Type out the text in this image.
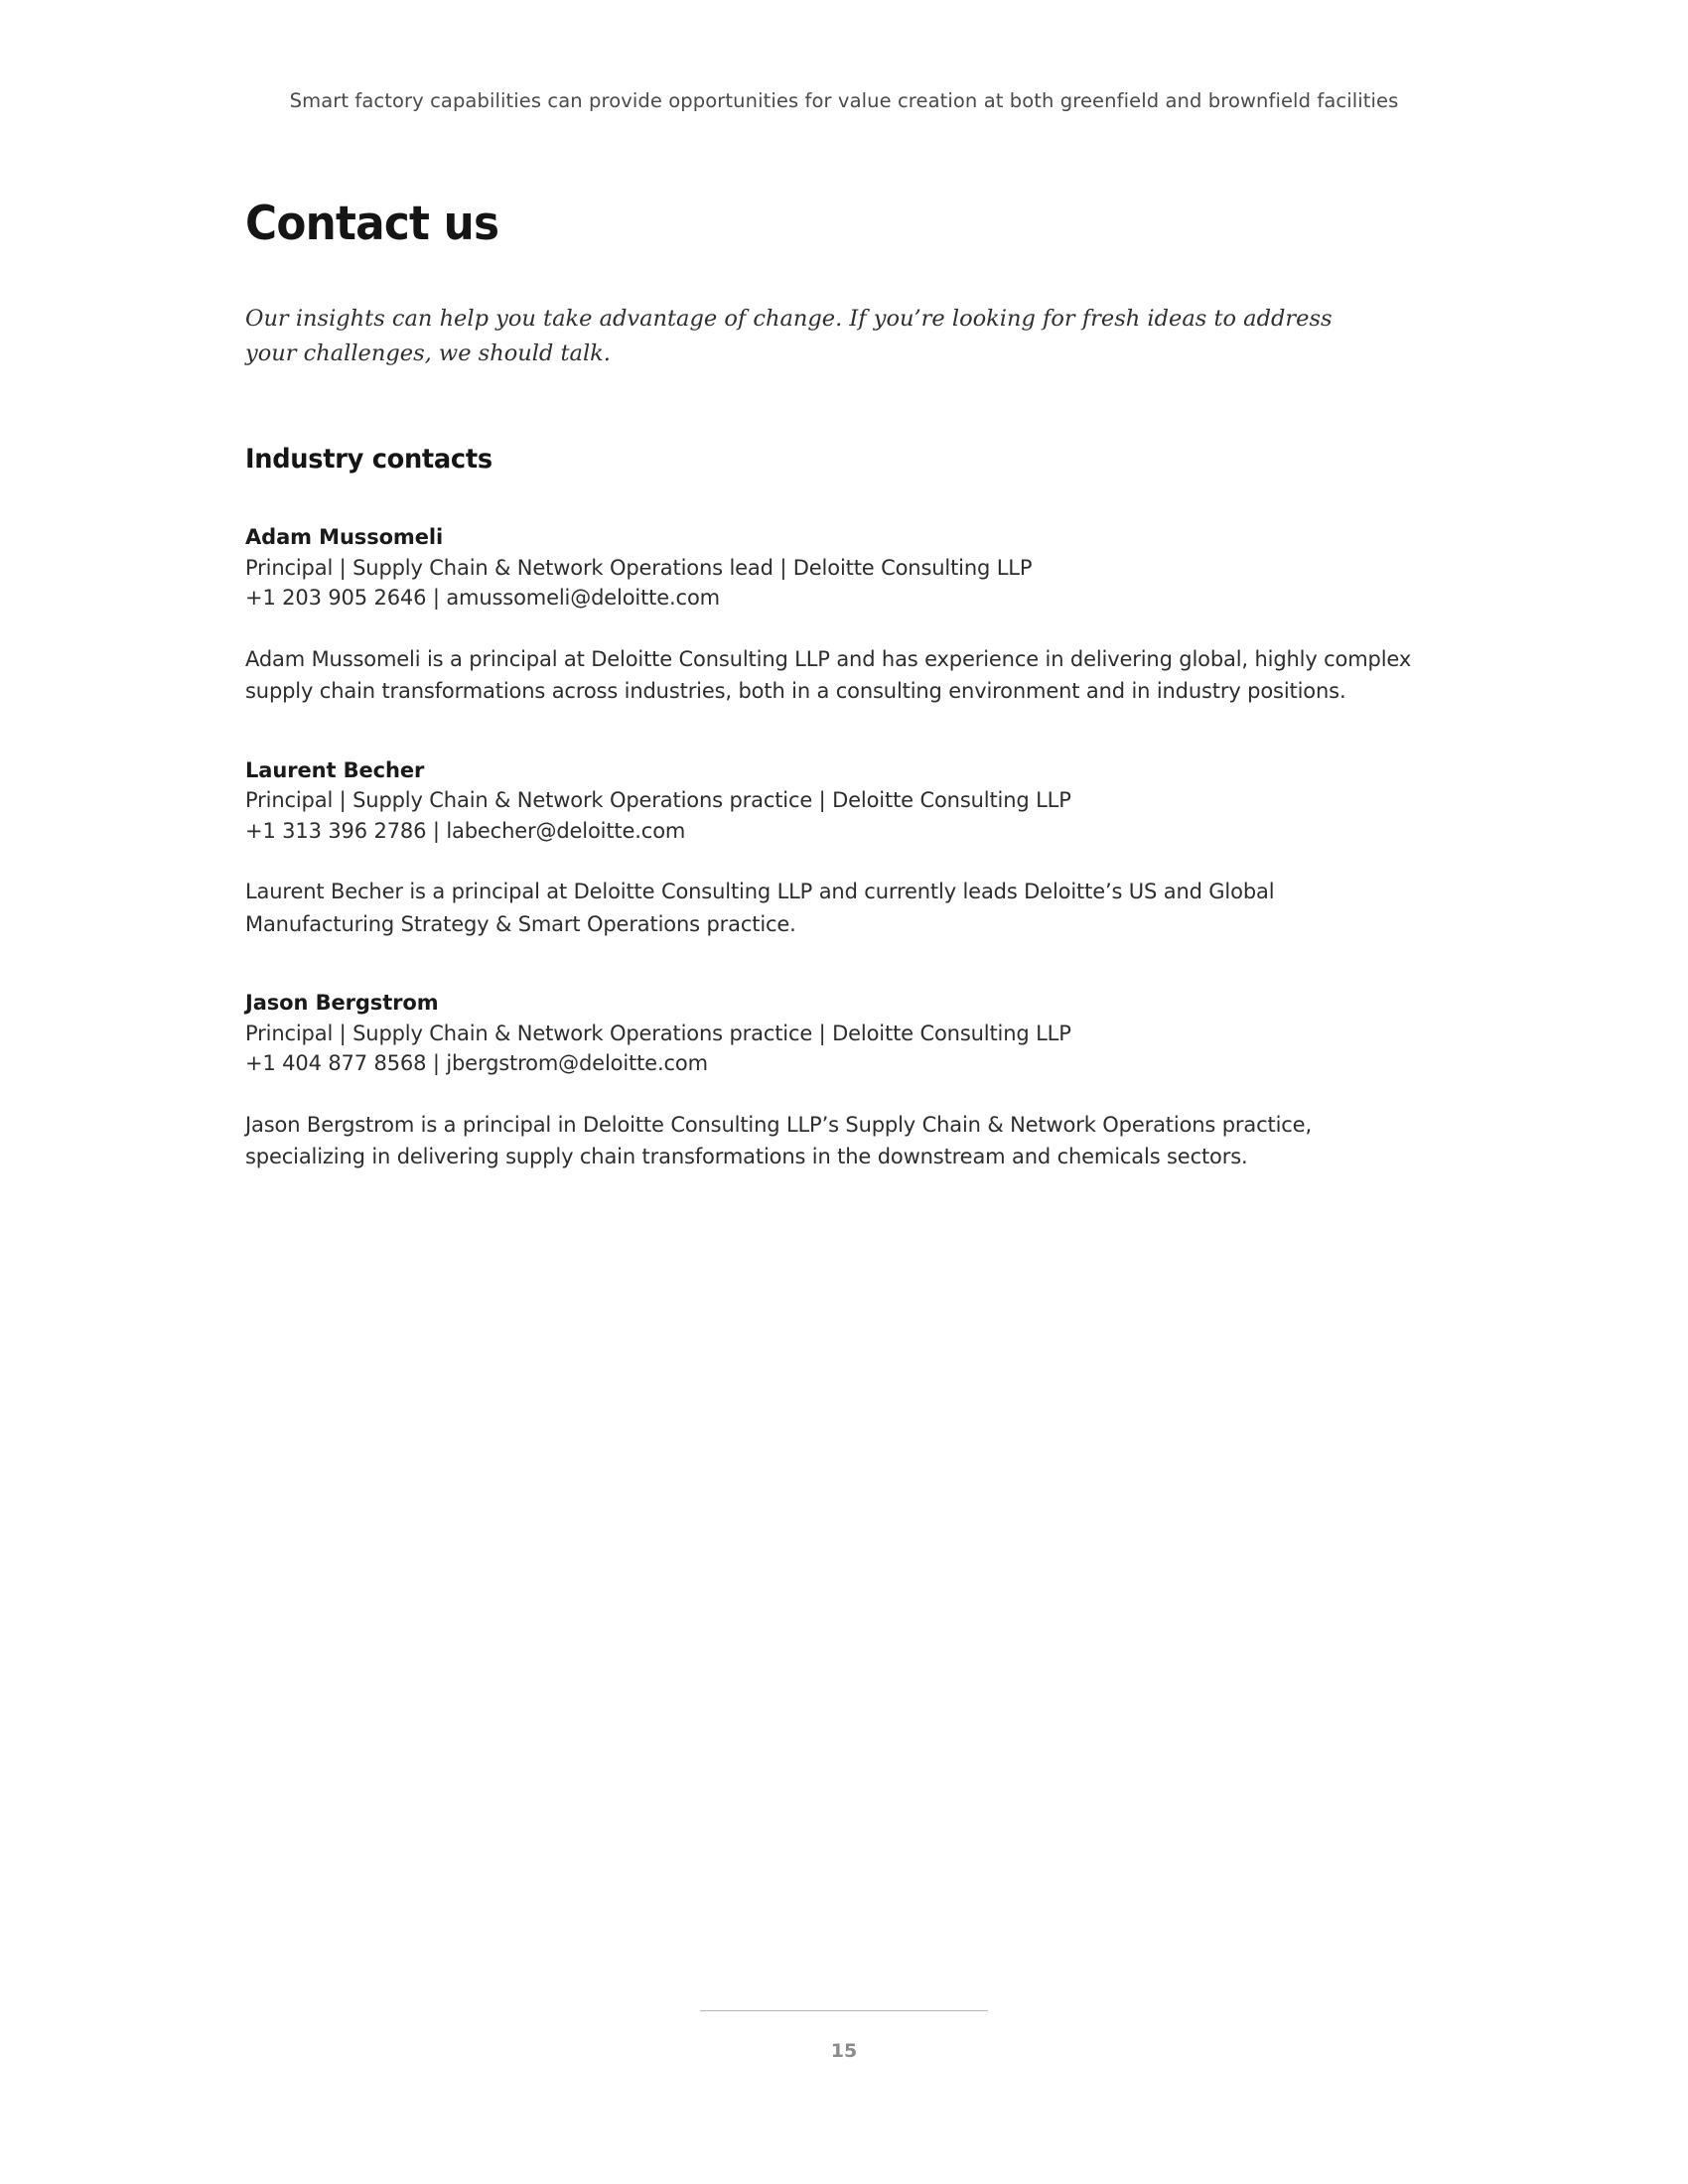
Smart factory capabilities can provide opportunities for value creation at both greenfield and brownfield facilities
Contact us

Our insights can help you take advantage of change. If you’re looking for fresh ideas to address your challenges, we should talk.

Industry contacts
Adam Mussomeli
Principal | Supply Chain & Network Operations lead | Deloitte Consulting LLP
+1 203 905 2646 | amussomeli@deloitte.com

Adam Mussomeli is a principal at Deloitte Consulting LLP and has experience in delivering global, highly complex supply chain transformations across industries, both in a consulting environment and in industry positions.

Laurent Becher
Principal | Supply Chain & Network Operations practice | Deloitte Consulting LLP
+1 313 396 2786 | labecher@deloitte.com

Laurent Becher is a principal at Deloitte Consulting LLP and currently leads Deloitte’s US and Global Manufacturing Strategy & Smart Operations practice.

Jason Bergstrom
Principal | Supply Chain & Network Operations practice | Deloitte Consulting LLP
+1 404 877 8568 | jbergstrom@deloitte.com

Jason Bergstrom is a principal in Deloitte Consulting LLP’s Supply Chain & Network Operations practice, specializing in delivering supply chain transformations in the downstream and chemicals sectors.

15
